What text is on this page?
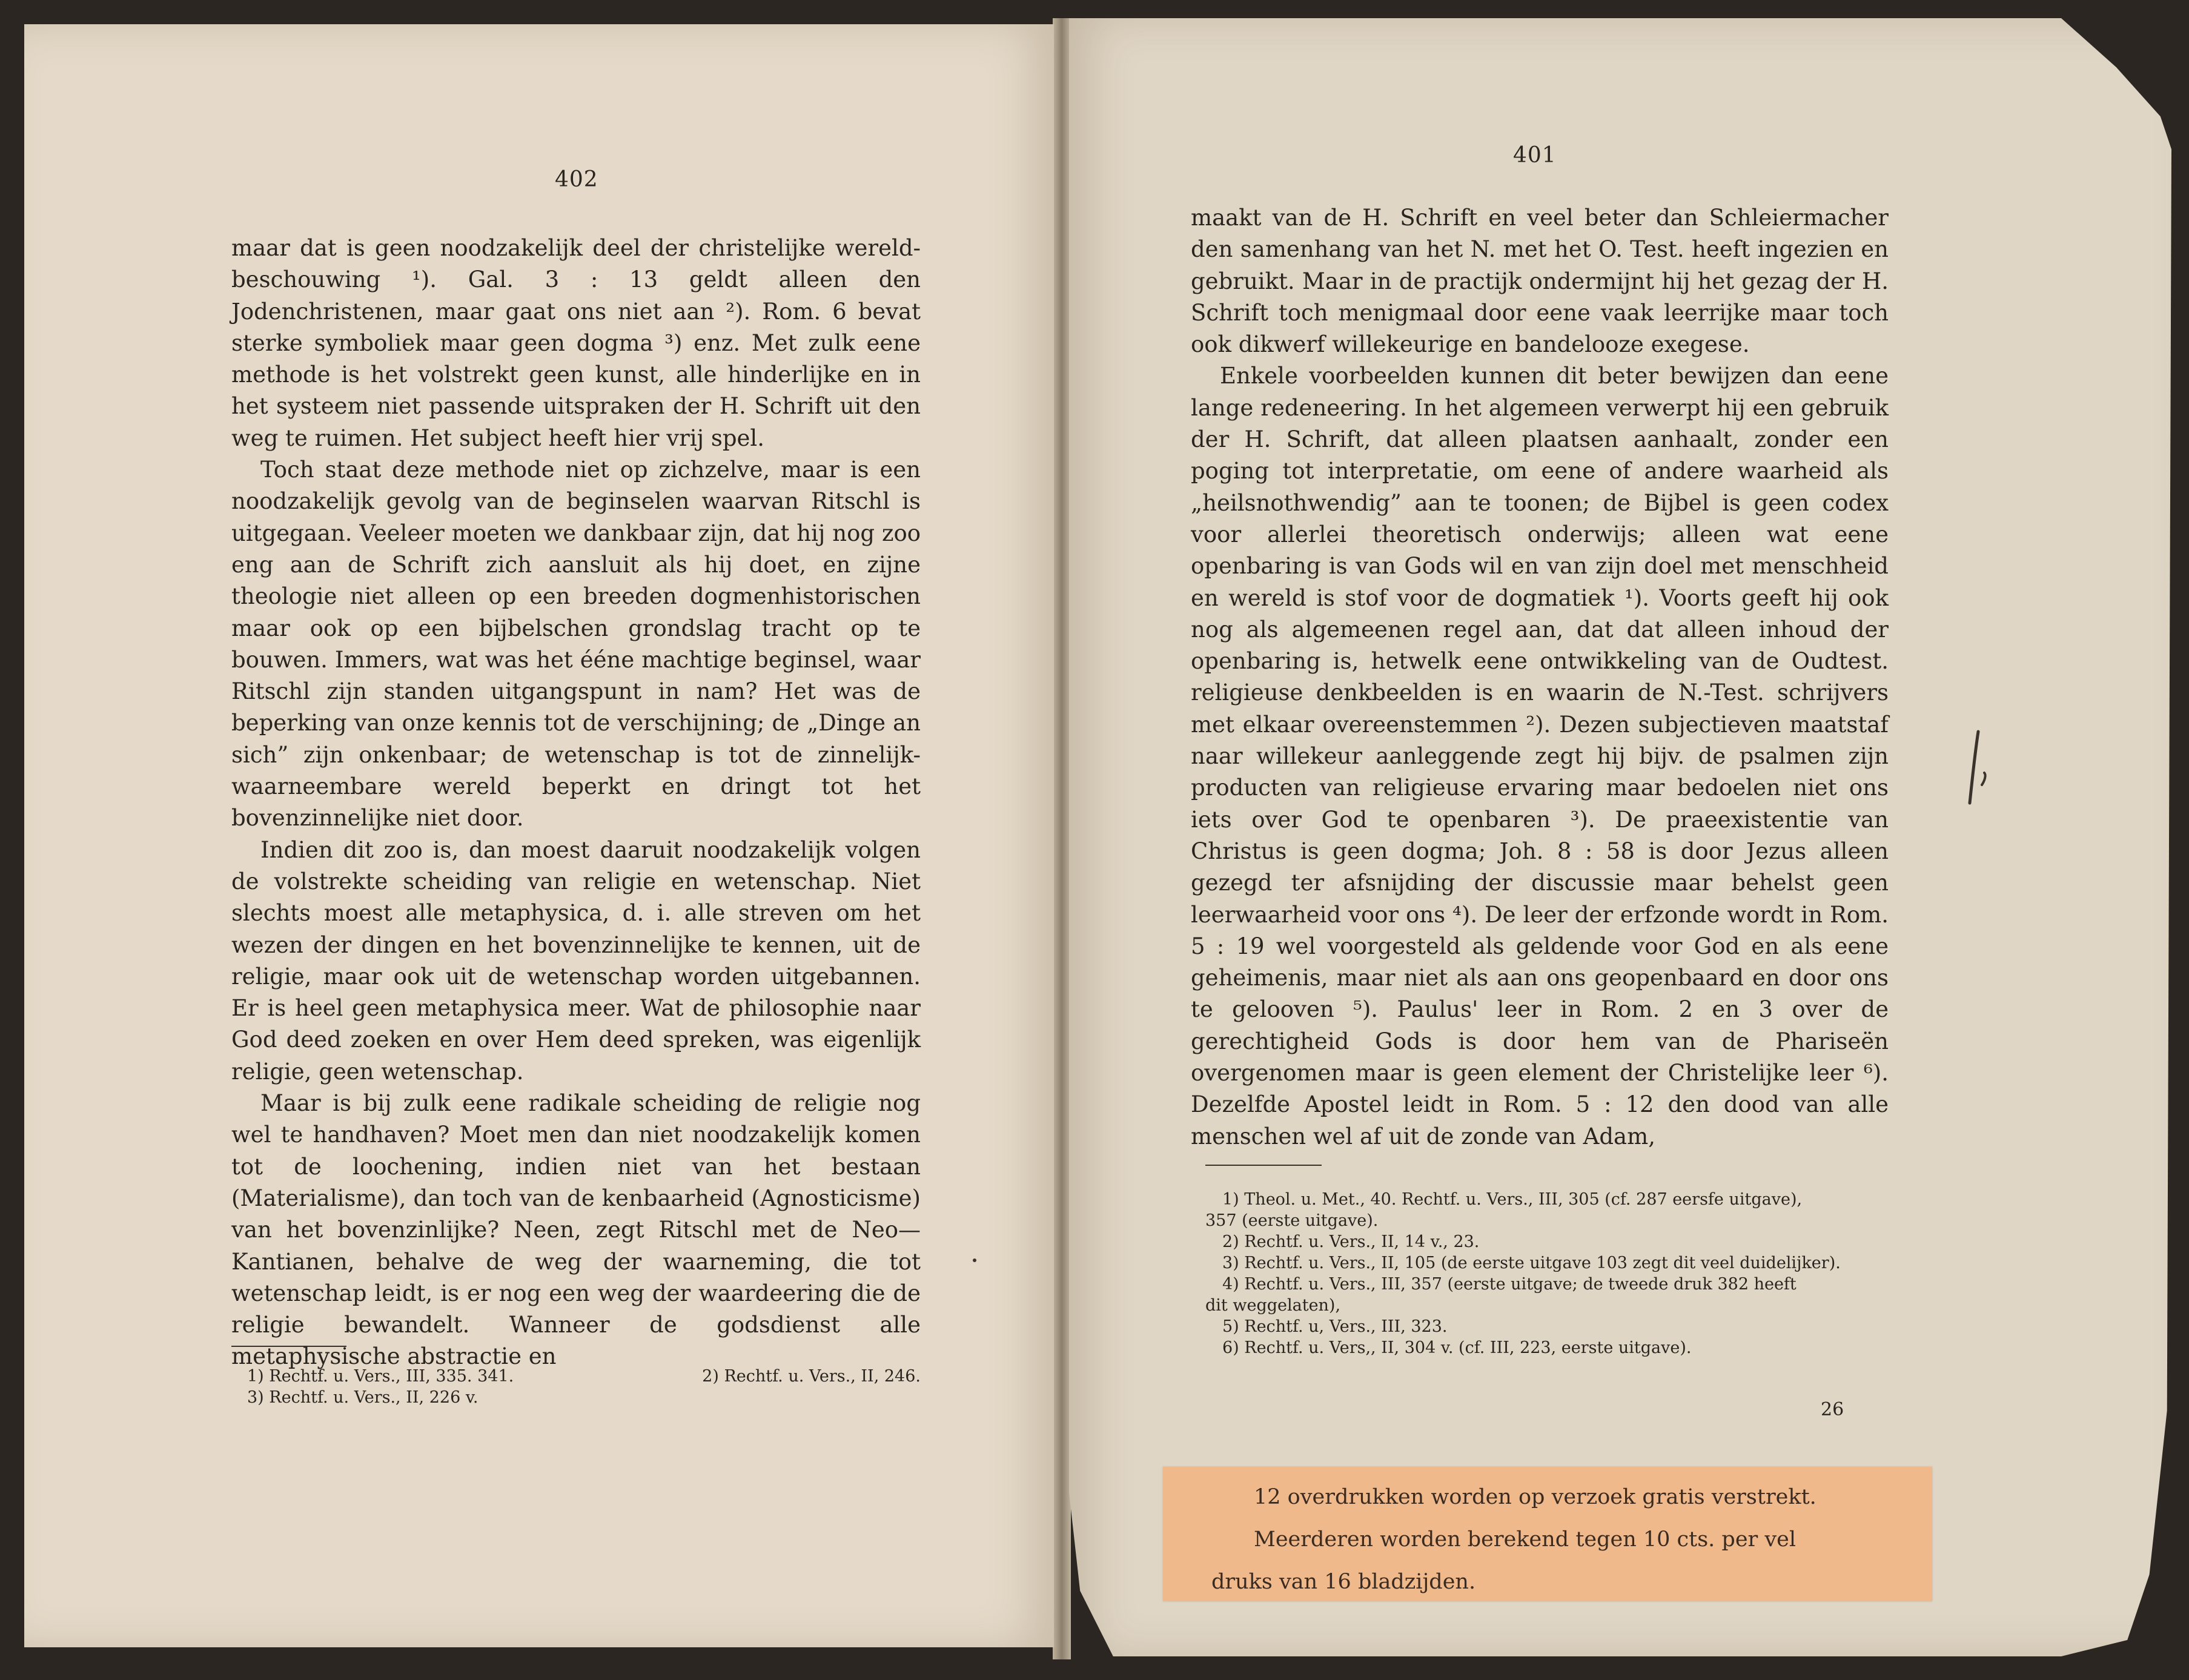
402

maar dat is geen noodzakelijk deel der christelijke wereld-beschouwing ¹). Gal. 3 : 13 geldt alleen den Jodenchristenen, maar gaat ons niet aan ²). Rom. 6 bevat sterke symboliek maar geen dogma ³) enz. Met zulk eene methode is het volstrekt geen kunst, alle hinderlijke en in het systeem niet passende uitspraken der H. Schrift uit den weg te ruimen. Het subject heeft hier vrij spel.

Toch staat deze methode niet op zichzelve, maar is een noodzakelijk gevolg van de beginselen waarvan Ritschl is uitgegaan. Veeleer moeten we dankbaar zijn, dat hij nog zoo eng aan de Schrift zich aansluit als hij doet, en zijne theologie niet alleen op een breeden dogmenhistorischen maar ook op een bijbelschen grondslag tracht op te bouwen. Immers, wat was het ééne machtige beginsel, waar Ritschl zijn standen uitgangspunt in nam? Het was de beperking van onze kennis tot de verschijning; de „Dinge an sich” zijn onkenbaar; de wetenschap is tot de zinnelijk-waarneembare wereld beperkt en dringt tot het bovenzinnelijke niet door.

Indien dit zoo is, dan moest daaruit noodzakelijk volgen de volstrekte scheiding van religie en wetenschap. Niet slechts moest alle metaphysica, d. i. alle streven om het wezen der dingen en het bovenzinnelijke te kennen, uit de religie, maar ook uit de wetenschap worden uitgebannen. Er is heel geen metaphysica meer. Wat de philosophie naar God deed zoeken en over Hem deed spreken, was eigenlijk religie, geen wetenschap.

Maar is bij zulk eene radikale scheiding de religie nog wel te handhaven? Moet men dan niet noodzakelijk komen tot de loochening, indien niet van het bestaan (Materialisme), dan toch van de kenbaarheid (Agnosticisme) van het bovenzinlijke? Neen, zegt Ritschl met de Neo—Kantianen, behalve de weg der waarneming, die tot wetenschap leidt, is er nog een weg der waardeering die de religie bewandelt. Wanneer de godsdienst alle metaphysische abstractie en

1) Rechtf. u. Vers., III, 335. 341.	2) Rechtf. u. Vers., II, 246.
3) Rechtf. u. Vers., II, 226 v.
401

maakt van de H. Schrift en veel beter dan Schleiermacher den samenhang van het N. met het O. Test. heeft ingezien en gebruikt. Maar in de practijk ondermijnt hij het gezag der H. Schrift toch menigmaal door eene vaak leerrijke maar toch ook dikwerf willekeurige en bandelooze exegese.

Enkele voorbeelden kunnen dit beter bewijzen dan eene lange redeneering. In het algemeen verwerpt hij een gebruik der H. Schrift, dat alleen plaatsen aanhaalt, zonder een poging tot interpretatie, om eene of andere waarheid als „heilsnothwendig” aan te toonen; de Bijbel is geen codex voor allerlei theoretisch onderwijs; alleen wat eene openbaring is van Gods wil en van zijn doel met menschheid en wereld is stof voor de dogmatiek ¹). Voorts geeft hij ook nog als algemeenen regel aan, dat dat alleen inhoud der openbaring is, hetwelk eene ontwikkeling van de Oudtest. religieuse denkbeelden is en waarin de N.-Test. schrijvers met elkaar overeenstemmen ²). Dezen subjectieven maatstaf naar willekeur aanleggende zegt hij bijv. de psalmen zijn producten van religieuse ervaring maar bedoelen niet ons iets over God te openbaren ³). De praeexistentie van Christus is geen dogma; Joh. 8 : 58 is door Jezus alleen gezegd ter afsnijding der discussie maar behelst geen leerwaarheid voor ons ⁴). De leer der erfzonde wordt in Rom. 5 : 19 wel voorgesteld als geldende voor God en als eene geheimenis, maar niet als aan ons geopenbaard en door ons te gelooven ⁵). Paulus' leer in Rom. 2 en 3 over de gerechtigheid Gods is door hem van de Phariseën overgenomen maar is geen element der Christelijke leer ⁶). Dezelfde Apostel leidt in Rom. 5 : 12 den dood van alle menschen wel af uit de zonde van Adam,

1) Theol. u. Met., 40. Rechtf. u. Vers., III, 305 (cf. 287 eersfe uitgave),
357 (eerste uitgave).
2) Rechtf. u. Vers., II, 14 v., 23.
3) Rechtf. u. Vers., II, 105 (de eerste uitgave 103 zegt dit veel duidelijker).
4) Rechtf. u. Vers., III, 357 (eerste uitgave; de tweede druk 382 heeft
dit weggelaten),
5) Rechtf. u, Vers., III, 323.
6) Rechtf. u. Vers,, II, 304 v. (cf. III, 223, eerste uitgave).
26
12 overdrukken worden op verzoek gratis verstrekt.
Meerderen worden berekend tegen 10 cts. per vel
druks van 16 bladzijden.
